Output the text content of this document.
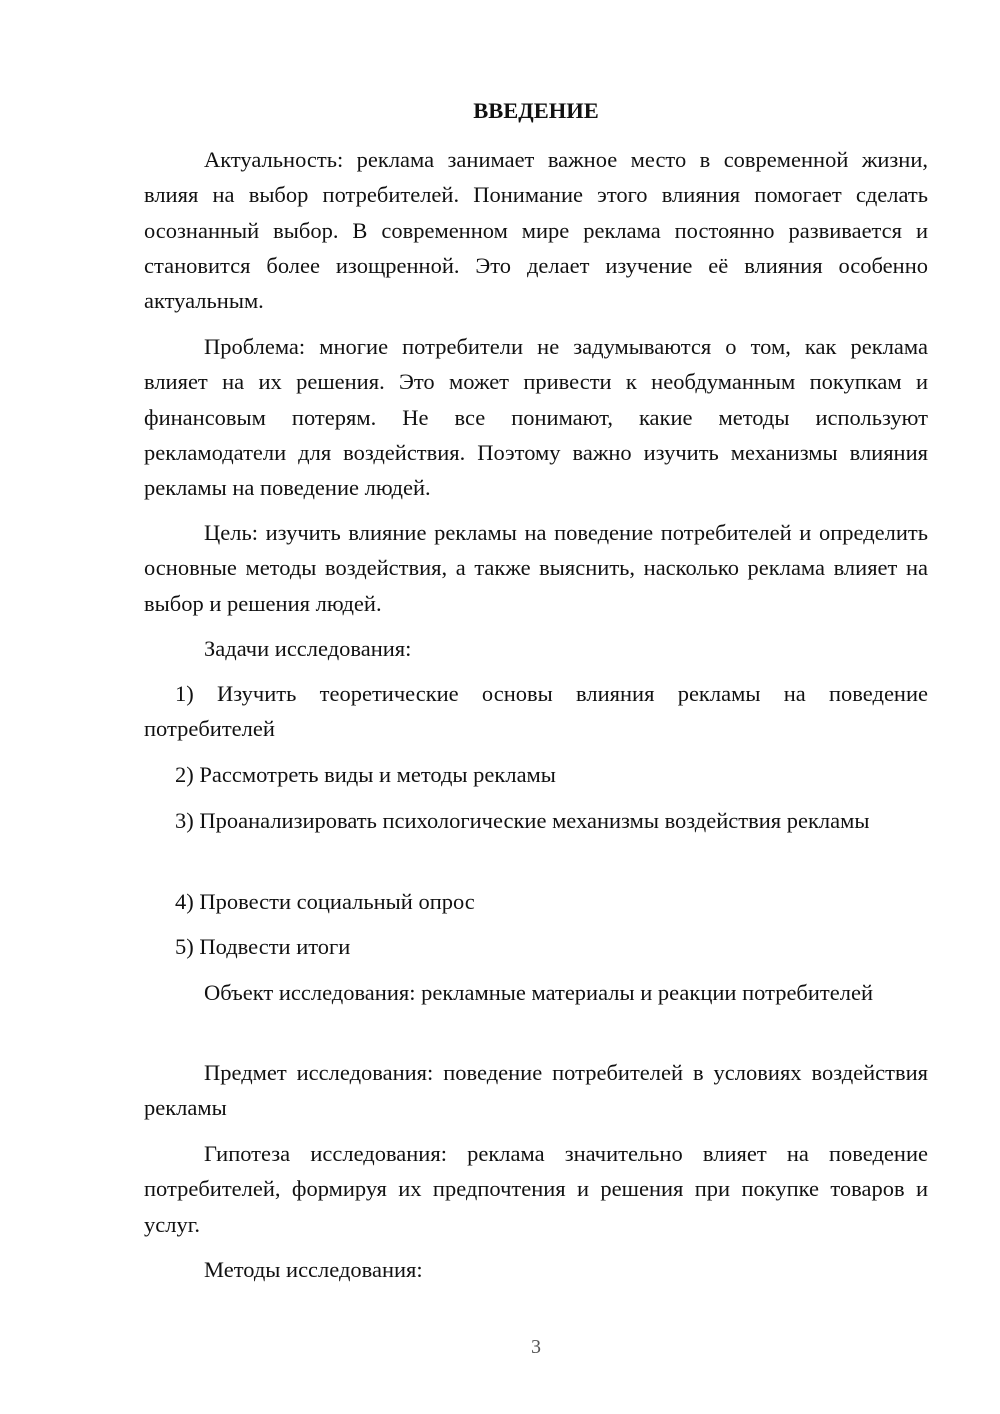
ВВЕДЕНИЕ

Актуальность: реклама занимает важное место в современной жизни, влияя на выбор потребителей. Понимание этого влияния помогает сделать осознанный выбор. В современном мире реклама постоянно развивается и становится более изощренной. Это делает изучение её влияния особенно актуальным.

Проблема: многие потребители не задумываются о том, как реклама влияет на их решения. Это может привести к необдуманным покупкам и финансовым потерям. Не все понимают, какие методы используют рекламодатели для воздействия. Поэтому важно изучить механизмы влияния рекламы на поведение людей.

Цель: изучить влияние рекламы на поведение потребителей и определить основные методы воздействия, а также выяснить, насколько реклама влияет на выбор и решения людей.

Задачи исследования:

1) Изучить теоретические основы влияния рекламы на поведение потребителей

2) Рассмотреть виды и методы рекламы

3) Проанализировать психологические механизмы воздействия рекламы

4) Провести социальный опрос

5) Подвести итоги

Объект исследования: рекламные материалы и реакции потребителей

Предмет исследования: поведение потребителей в условиях воздействия рекламы

Гипотеза исследования: реклама значительно влияет на поведение потребителей, формируя их предпочтения и решения при покупке товаров и услуг.

Методы исследования:

3
